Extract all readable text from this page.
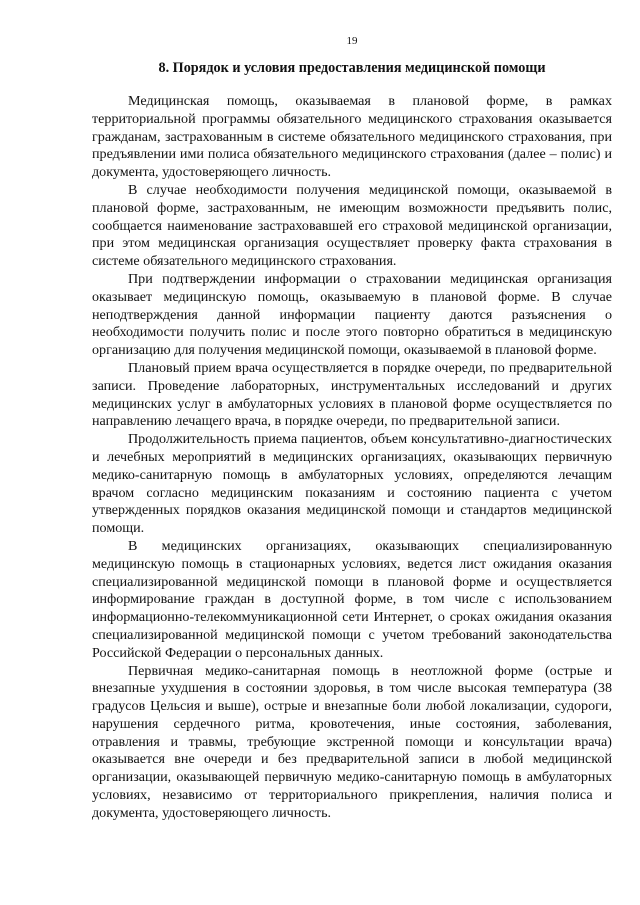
19
8. Порядок и условия предоставления медицинской помощи

Медицинская помощь, оказываемая в плановой форме, в рамках территориальной программы обязательного медицинского страхования оказывается гражданам, застрахованным в системе обязательного медицинского страхования, при предъявлении ими полиса обязательного медицинского страхования (далее – полис) и документа, удостоверяющего личность.

В случае необходимости получения медицинской помощи, оказываемой в плановой форме, застрахованным, не имеющим возможности предъявить полис, сообщается наименование застраховавшей его страховой медицинской организации, при этом медицинская организация осуществляет проверку факта страхования в системе обязательного медицинского страхования.

При подтверждении информации о страховании медицинская организация оказывает медицинскую помощь, оказываемую в плановой форме. В случае неподтверждения данной информации пациенту даются разъяснения о необходимости получить полис и после этого повторно обратиться в медицинскую организацию для получения медицинской помощи, оказываемой в плановой форме.

Плановый прием врача осуществляется в порядке очереди, по предварительной записи. Проведение лабораторных, инструментальных исследований и других медицинских услуг в амбулаторных условиях в плановой форме осуществляется по направлению лечащего врача, в порядке очереди, по предварительной записи.

Продолжительность приема пациентов, объем консультативно-диагностических и лечебных мероприятий в медицинских организациях, оказывающих первичную медико-санитарную помощь в амбулаторных условиях, определяются лечащим врачом согласно медицинским показаниям и состоянию пациента с учетом утвержденных порядков оказания медицинской помощи и стандартов медицинской помощи.

В медицинских организациях, оказывающих специализированную медицинскую помощь в стационарных условиях, ведется лист ожидания оказания специализированной медицинской помощи в плановой форме и осуществляется информирование граждан в доступной форме, в том числе с использованием информационно-телекоммуникационной сети Интернет, о сроках ожидания оказания специализированной медицинской помощи с учетом требований законодательства Российской Федерации о персональных данных.

Первичная медико-санитарная помощь в неотложной форме (острые и внезапные ухудшения в состоянии здоровья, в том числе высокая температура (38 градусов Цельсия и выше), острые и внезапные боли любой локализации, судороги, нарушения сердечного ритма, кровотечения, иные состояния, заболевания, отравления и травмы, требующие экстренной помощи и консультации врача) оказывается вне очереди и без предварительной записи в любой медицинской организации, оказывающей первичную медико-санитарную помощь в амбулаторных условиях, независимо от территориального прикрепления, наличия полиса и документа, удостоверяющего личность.
